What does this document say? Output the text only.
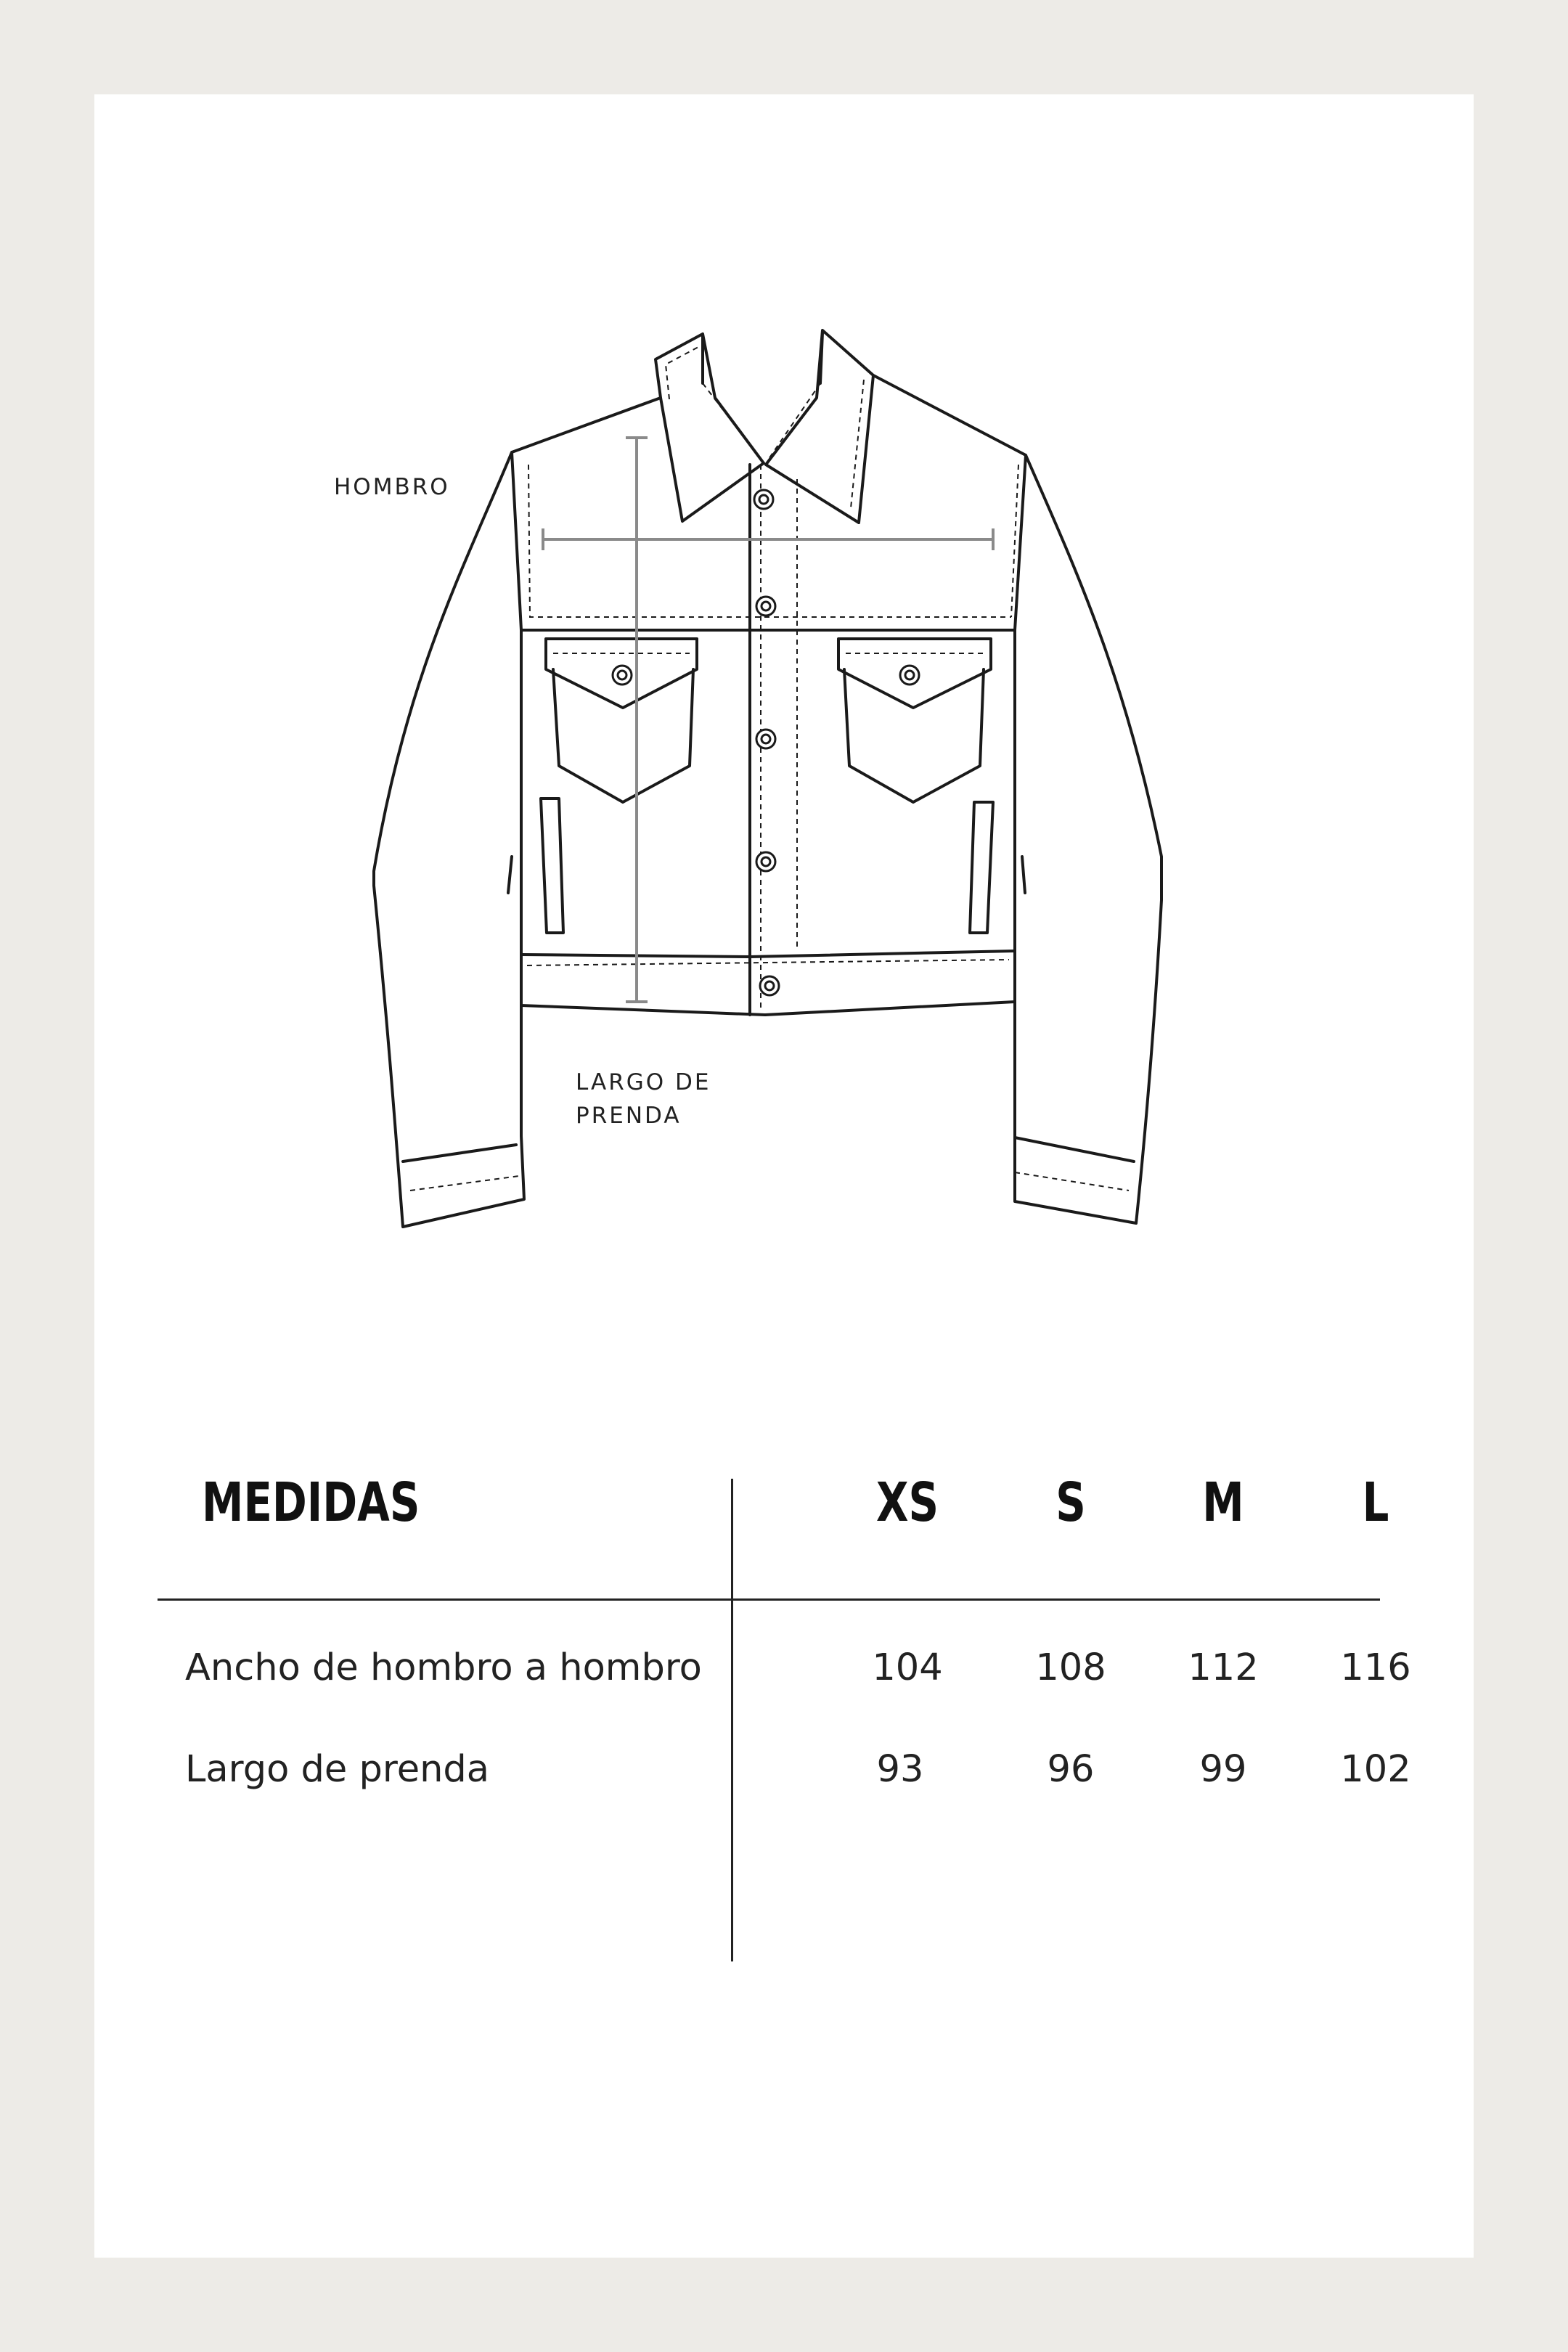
HOMBRO

LARGO DE

PRENDA

MEDIDAS	XS	S	M	L

Ancho de hombro a hombro	104	108	112	116

Largo de prenda	93	96	99	102
